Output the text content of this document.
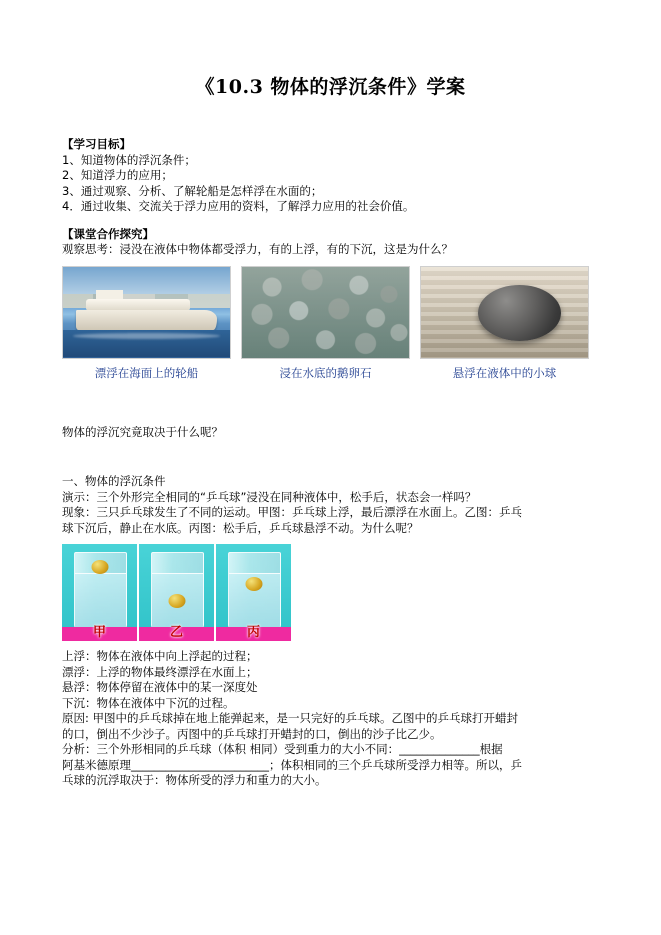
《10.3 物体的浮沉条件》学案

【学习目标】

1、知道物体的浮沉条件；

2、知道浮力的应用；

3、通过观察、分析、了解轮船是怎样浮在水面的；

4．通过收集、交流关于浮力应用的资料，了解浮力应用的社会价值。

【课堂合作探究】

观察思考：浸没在液体中物体都受浮力，有的上浮，有的下沉，这是为什么？

漂浮在海面上的轮船	浸在水底的鹅卵石	悬浮在液体中的小球

物体的浮沉究竟取决于什么呢？

一、物体的浮沉条件

演示：三个外形完全相同的“乒乓球”浸没在同种液体中，松手后，状态会一样吗？

现象：三只乒乓球发生了不同的运动。甲图：乒乓球上浮，最后漂浮在水面上。乙图：乒乓

球下沉后，静止在水底。丙图：松手后，乒乓球悬浮不动。为什么呢？

甲	乙	丙

上浮：物体在液体中向上浮起的过程；

漂浮：上浮的物体最终漂浮在水面上；

悬浮：物体停留在液体中的某一深度处

下沉：物体在液体中下沉的过程。

原因: 甲图中的乒乓球掉在地上能弹起来，是一只完好的乒乓球。乙图中的乒乓球打开蜡封

的口，倒出不少沙子。丙图中的乒乓球打开蜡封的口，倒出的沙子比乙少。

分析：三个外形相同的乒乓球（体积 相同）受到重力的大小不同：______________根据

阿基米德原理________________________；体积相同的三个乒乓球所受浮力相等。所以，乒

乓球的沉浮取决于：物体所受的浮力和重力的大小。
